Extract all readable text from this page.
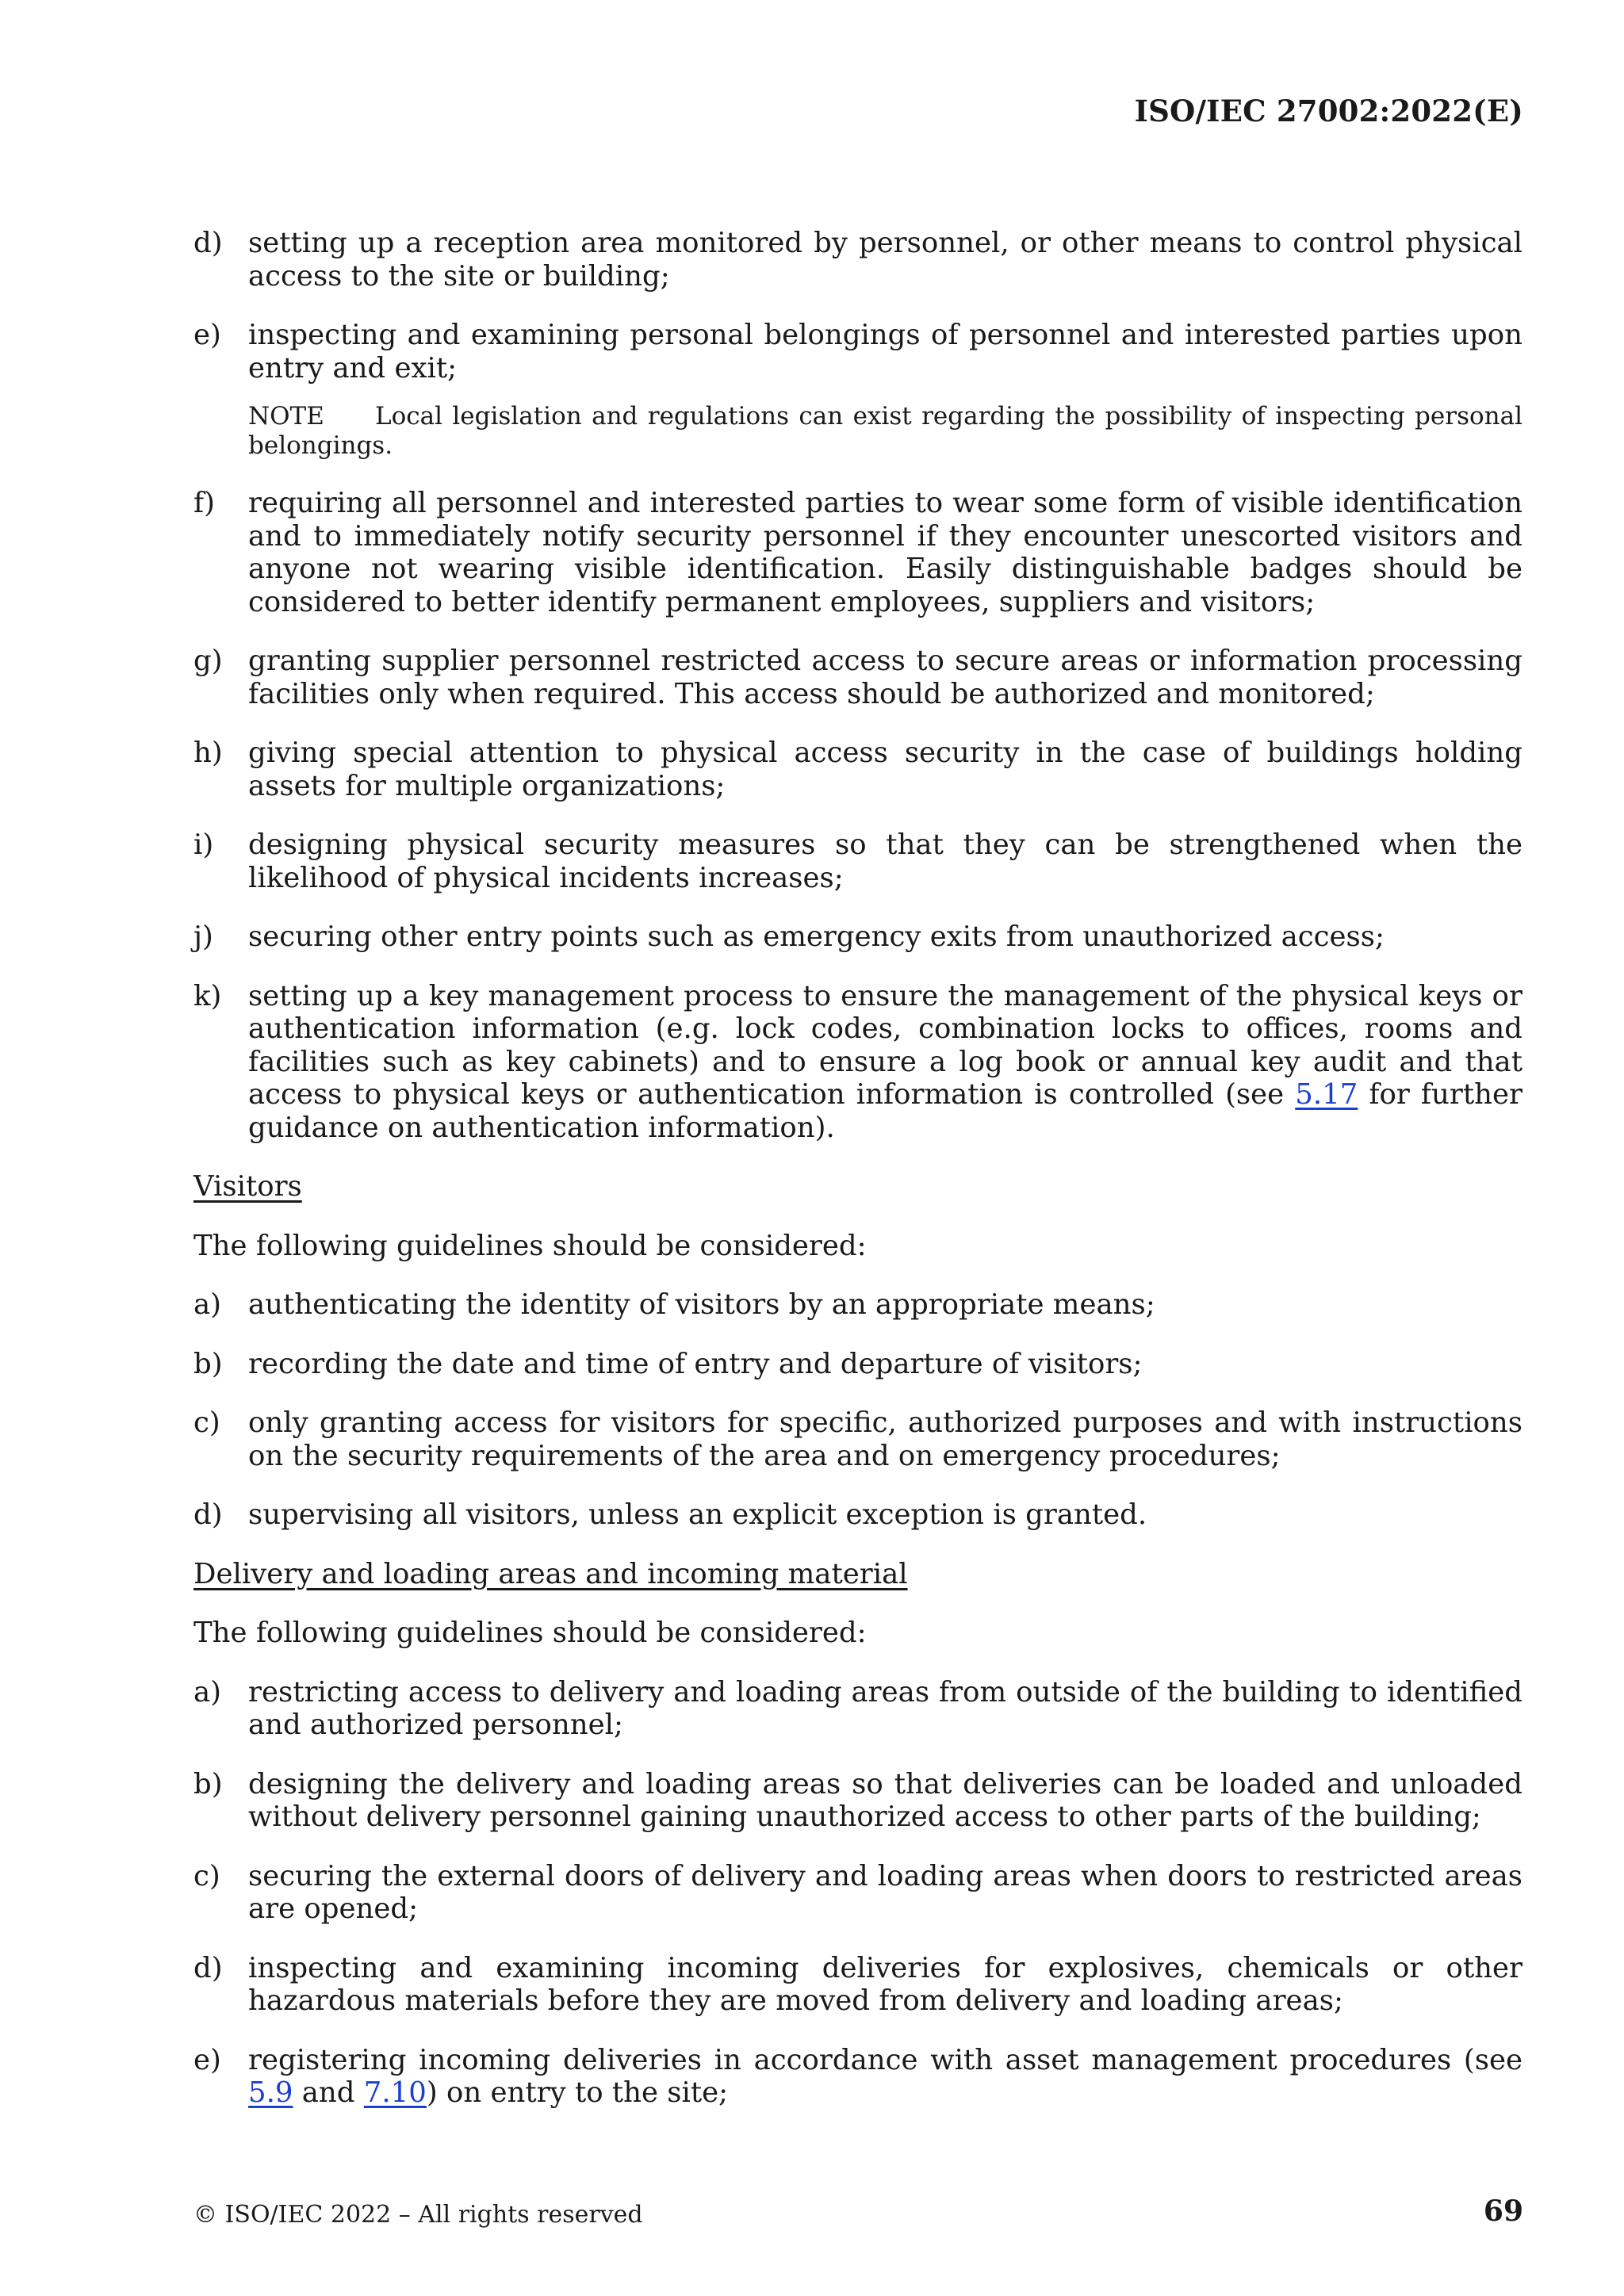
ISO/IEC 27002:2022(E)
d) setting up a reception area monitored by personnel, or other means to control physical access to the site or building;
e) inspecting and examining personal belongings of personnel and interested parties upon entry and exit;
NOTE Local legislation and regulations can exist regarding the possibility of inspecting personal belongings.
f) requiring all personnel and interested parties to wear some form of visible identification and to immediately notify security personnel if they encounter unescorted visitors and anyone not wearing visible identification. Easily distinguishable badges should be considered to better identify permanent employees, suppliers and visitors;
g) granting supplier personnel restricted access to secure areas or information processing facilities only when required. This access should be authorized and monitored;
h) giving special attention to physical access security in the case of buildings holding assets for multiple organizations;
i) designing physical security measures so that they can be strengthened when the likelihood of physical incidents increases;
j) securing other entry points such as emergency exits from unauthorized access;
k) setting up a key management process to ensure the management of the physical keys or authentication information (e.g. lock codes, combination locks to offices, rooms and facilities such as key cabinets) and to ensure a log book or annual key audit and that access to physical keys or authentication information is controlled (see 5.17 for further guidance on authentication information).
Visitors
The following guidelines should be considered:
a) authenticating the identity of visitors by an appropriate means;
b) recording the date and time of entry and departure of visitors;
c) only granting access for visitors for specific, authorized purposes and with instructions on the security requirements of the area and on emergency procedures;
d) supervising all visitors, unless an explicit exception is granted.
Delivery and loading areas and incoming material
The following guidelines should be considered:
a) restricting access to delivery and loading areas from outside of the building to identified and authorized personnel;
b) designing the delivery and loading areas so that deliveries can be loaded and unloaded without delivery personnel gaining unauthorized access to other parts of the building;
c) securing the external doors of delivery and loading areas when doors to restricted areas are opened;
d) inspecting and examining incoming deliveries for explosives, chemicals or other hazardous materials before they are moved from delivery and loading areas;
e) registering incoming deliveries in accordance with asset management procedures (see 5.9 and 7.10) on entry to the site;
© ISO/IEC 2022 – All rights reserved	69
